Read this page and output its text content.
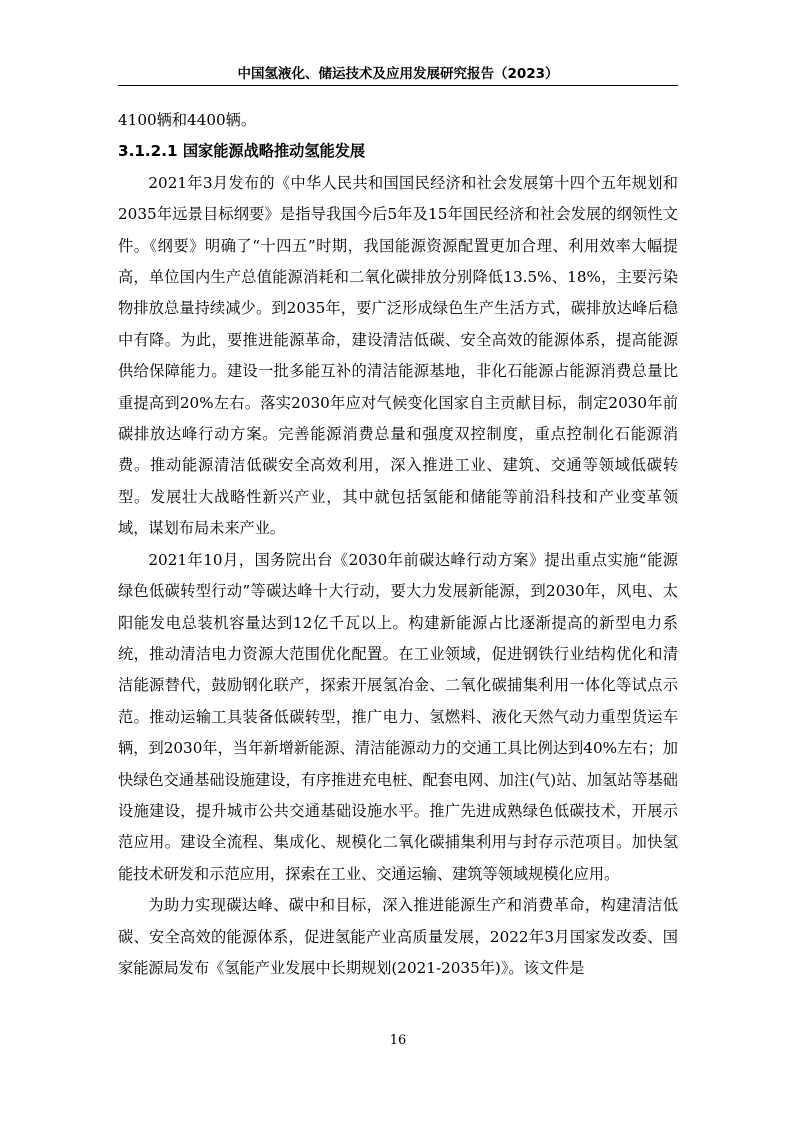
中国氢液化、储运技术及应用发展研究报告（2023）

4100辆和4400辆。

3.1.2.1 国家能源战略推动氢能发展

2021年3月发布的《中华人民共和国国民经济和社会发展第十四个五年规划和2035年远景目标纲要》是指导我国今后5年及15年国民经济和社会发展的纲领性文件。《纲要》明确了“十四五”时期，我国能源资源配置更加合理、利用效率大幅提高，单位国内生产总值能源消耗和二氧化碳排放分别降低13.5%、18%，主要污染物排放总量持续减少。到2035年，要广泛形成绿色生产生活方式，碳排放达峰后稳中有降。为此，要推进能源革命，建设清洁低碳、安全高效的能源体系，提高能源供给保障能力。建设一批多能互补的清洁能源基地，非化石能源占能源消费总量比重提高到20%左右。落实2030年应对气候变化国家自主贡献目标，制定2030年前碳排放达峰行动方案。完善能源消费总量和强度双控制度，重点控制化石能源消费。推动能源清洁低碳安全高效利用，深入推进工业、建筑、交通等领域低碳转型。发展壮大战略性新兴产业，其中就包括氢能和储能等前沿科技和产业变革领域，谋划布局未来产业。

2021年10月，国务院出台《2030年前碳达峰行动方案》提出重点实施“能源绿色低碳转型行动”等碳达峰十大行动，要大力发展新能源，到2030年，风电、太阳能发电总装机容量达到12亿千瓦以上。构建新能源占比逐渐提高的新型电力系统，推动清洁电力资源大范围优化配置。在工业领域，促进钢铁行业结构优化和清洁能源替代，鼓励钢化联产，探索开展氢冶金、二氧化碳捕集利用一体化等试点示范。推动运输工具装备低碳转型，推广电力、氢燃料、液化天然气动力重型货运车辆，到2030年，当年新增新能源、清洁能源动力的交通工具比例达到40%左右；加快绿色交通基础设施建设，有序推进充电桩、配套电网、加注(气)站、加氢站等基础设施建设，提升城市公共交通基础设施水平。推广先进成熟绿色低碳技术，开展示范应用。建设全流程、集成化、规模化二氧化碳捕集利用与封存示范项目。加快氢能技术研发和示范应用，探索在工业、交通运输、建筑等领域规模化应用。

为助力实现碳达峰、碳中和目标，深入推进能源生产和消费革命，构建清洁低碳、安全高效的能源体系，促进氢能产业高质量发展，2022年3月国家发改委、国家能源局发布《氢能产业发展中长期规划(2021-2035年)》。该文件是

16
